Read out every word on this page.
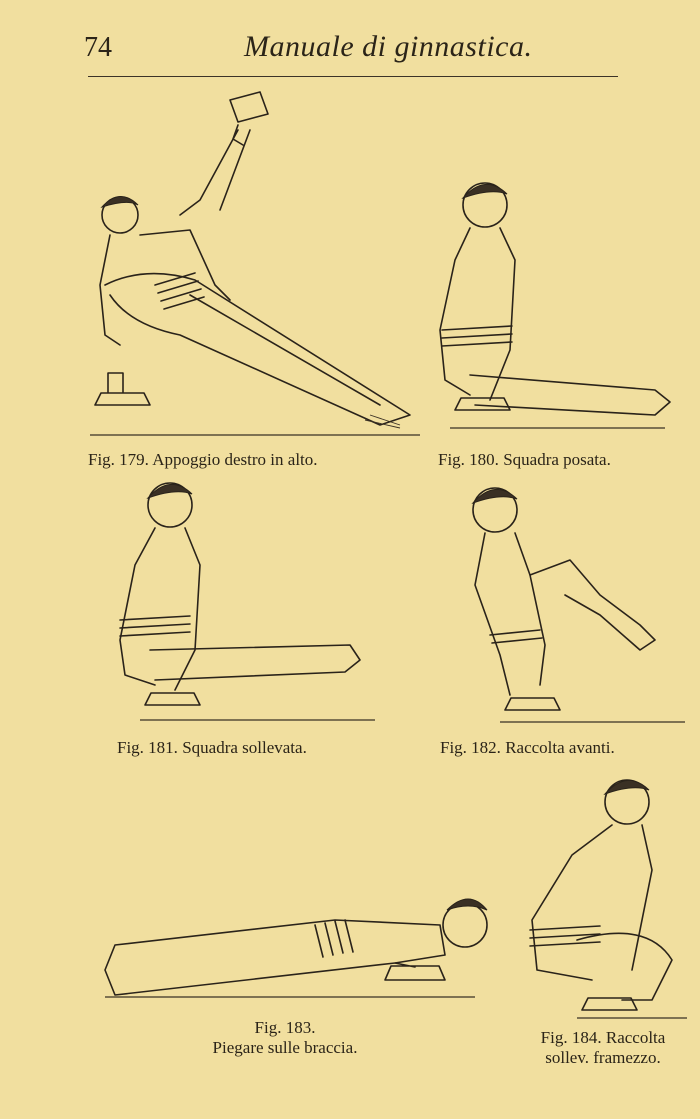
74	Manuale di ginnastica.
Fig. 179. Appoggio destro in alto.	Fig. 180. Squadra posata.
Fig. 181. Squadra sollevata.	Fig. 182. Raccolta avanti.
Fig. 183.
Piegare sulle braccia.
Fig. 184. Raccolta
sollev. framezzo.
